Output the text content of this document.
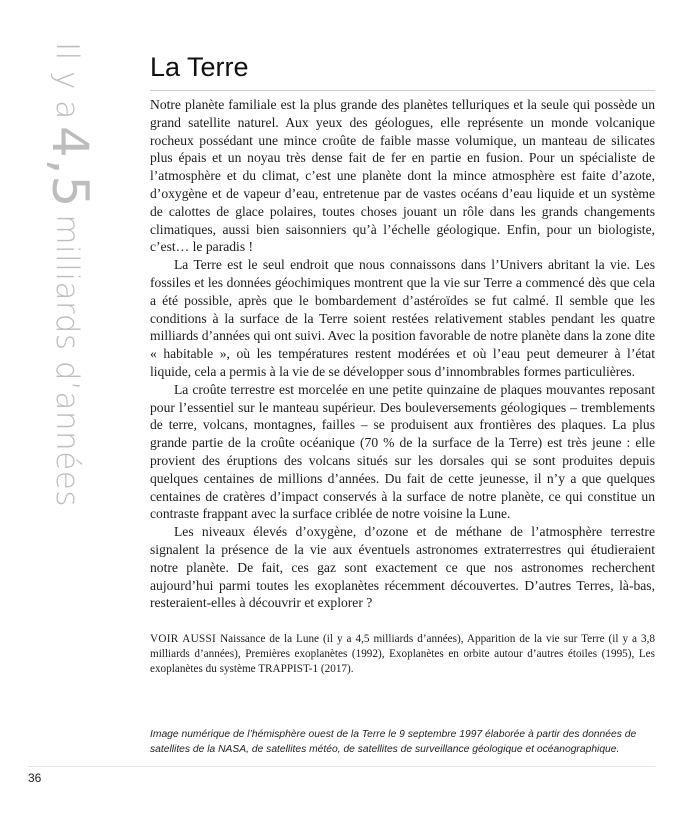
Il y a4,5milliards d’années
La Terre

Notre planète familiale est la plus grande des planètes telluriques et la seule qui possède un grand satellite naturel. Aux yeux des géologues, elle représente un monde volcanique rocheux possédant une mince croûte de faible masse volumique, un manteau de silicates plus épais et un noyau très dense fait de fer en partie en fusion. Pour un spécialiste de l’atmosphère et du climat, c’est une planète dont la mince atmosphère est faite d’azote, d’oxygène et de vapeur d’eau, entretenue par de vastes océans d’eau liquide et un système de calottes de glace polaires, toutes choses jouant un rôle dans les grands changements climatiques, aussi bien saisonniers qu’à l’échelle géologique. Enfin, pour un biologiste, c’est… le paradis !

La Terre est le seul endroit que nous connaissons dans l’Univers abritant la vie. Les fossiles et les données géochimiques montrent que la vie sur Terre a commencé dès que cela a été possible, après que le bombardement d’astéroïdes se fut calmé. Il semble que les conditions à la surface de la Terre soient restées relativement stables pendant les quatre milliards d’années qui ont suivi. Avec la position favorable de notre planète dans la zone dite « habitable », où les températures restent modérées et où l’eau peut demeurer à l’état liquide, cela a permis à la vie de se développer sous d’innombrables formes particulières.

La croûte terrestre est morcelée en une petite quinzaine de plaques mouvantes reposant pour l’essentiel sur le manteau supérieur. Des bouleversements géologiques – tremblements de terre, volcans, montagnes, failles – se produisent aux frontières des plaques. La plus grande partie de la croûte océanique (70 % de la surface de la Terre) est très jeune : elle provient des éruptions des volcans situés sur les dorsales qui se sont produites depuis quelques centaines de millions d’années. Du fait de cette jeunesse, il n’y a que quelques centaines de cratères d’impact conservés à la surface de notre planète, ce qui constitue un contraste frappant avec la surface criblée de notre voisine la Lune.

Les niveaux élevés d’oxygène, d’ozone et de méthane de l’atmosphère terrestre signalent la présence de la vie aux éventuels astronomes extraterrestres qui étudieraient notre planète. De fait, ces gaz sont exactement ce que nos astronomes recherchent aujourd’hui parmi toutes les exoplanètes récemment découvertes. D’autres Terres, là-bas, resteraient-elles à découvrir et explorer ?

VOIR AUSSI Naissance de la Lune (il y a 4,5 milliards d’années), Apparition de la vie sur Terre (il y a 3,8 milliards d’années), Premières exoplanètes (1992), Exoplanètes en orbite autour d’autres étoiles (1995), Les exoplanètes du système TRAPPIST-1 (2017).
Image numérique de l’hémisphère ouest de la Terre le 9 septembre 1997 élaborée à partir des données de satellites de la NASA, de satellites météo, de satellites de surveillance géologique et océanographique.
36
